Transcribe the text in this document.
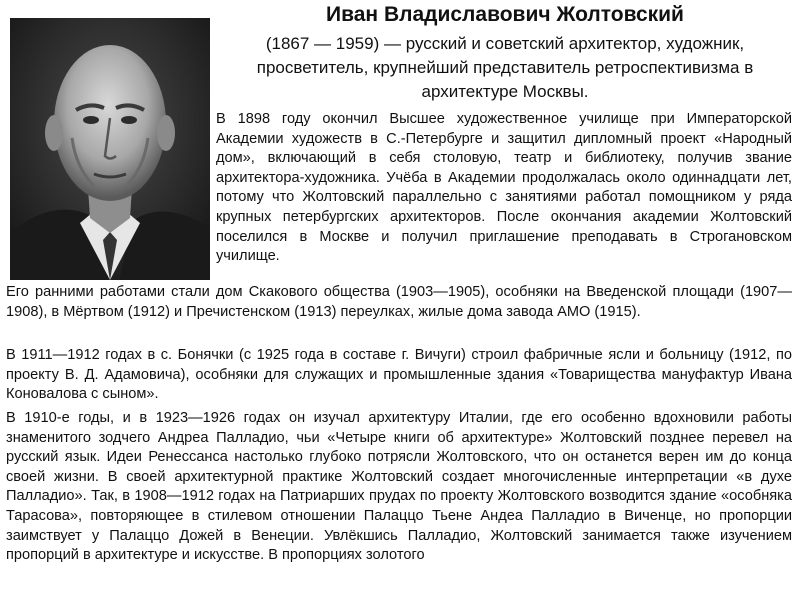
Иван Владиславович Жолтовский
(1867 — 1959) — русский и советский архитектор, художник, просветитель, крупнейший представитель ретроспективизма в архитектуре Москвы.

В 1898 году окончил Высшее художественное училище при Императорской Академии художеств в С.-Петербурге и защитил дипломный проект «Народный дом», включающий в себя столовую, театр и библиотеку, получив звание архитектора-художника. Учёба в Академии продолжалась около одиннадцати лет, потому что Жолтовский параллельно с занятиями работал помощником у ряда крупных петербургских архитекторов. После окончания академии Жолтовский поселился в Москве и получил приглашение преподавать в Строгановском училище.

Его ранними работами стали дом Скакового общества (1903—1905), особняки на Введенской площади (1907—1908), в Мёртвом (1912) и Пречистенском (1913) переулках, жилые дома завода АМО (1915).

В 1911—1912 годах в с. Бонячки (с 1925 года в составе г. Вичуги) строил фабричные ясли и больницу (1912, по проекту В. Д. Адамовича), особняки для служащих и промышленные здания «Товарищества мануфактур Ивана Коновалова с сыном».

В 1910-е годы, и в 1923—1926 годах он изучал архитектуру Италии, где его особенно вдохновили работы знаменитого зодчего Андреа Палладио, чьи «Четыре книги об архитектуре» Жолтовский позднее перевел на русский язык. Идеи Ренессанса настолько глубоко потрясли Жолтовского, что он останется верен им до конца своей жизни. В своей архитектурной практике Жолтовский создает многочисленные интерпретации «в духе Палладио». Так, в 1908—1912 годах на Патриарших прудах по проекту Жолтовского возводится здание «особняка Тарасова», повторяющее в стилевом отношении Палаццо Тьене Андеа Палладио в Виченце, но пропорции заимствует у Палаццо Дожей в Венеции. Увлёкшись Палладио, Жолтовский занимается также изучением пропорций в архитектуре и искусстве. В пропорциях золотого
